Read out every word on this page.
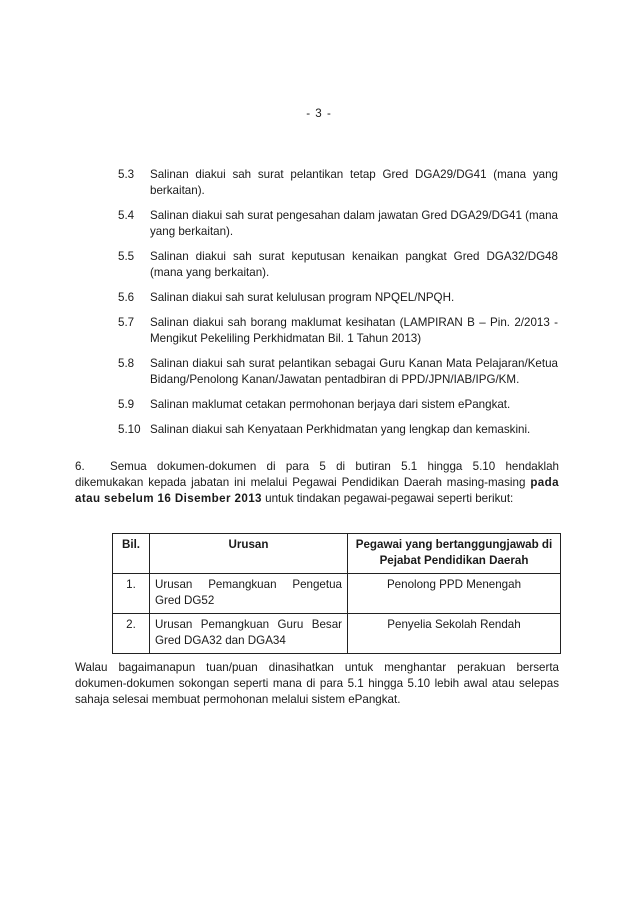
- 3 -
5.3	Salinan diakui sah surat pelantikan tetap Gred DGA29/DG41 (mana yang berkaitan).
5.4	Salinan diakui sah surat pengesahan dalam jawatan Gred DGA29/DG41 (mana yang berkaitan).
5.5	Salinan diakui sah surat keputusan kenaikan pangkat Gred DGA32/DG48 (mana yang berkaitan).
5.6	Salinan diakui sah surat kelulusan program NPQEL/NPQH.
5.7	Salinan diakui sah borang maklumat kesihatan (LAMPIRAN B – Pin. 2/2013 - Mengikut Pekeliling Perkhidmatan Bil. 1 Tahun 2013)
5.8	Salinan diakui sah surat pelantikan sebagai Guru Kanan Mata Pelajaran/Ketua Bidang/Penolong Kanan/Jawatan pentadbiran di PPD/JPN/IAB/IPG/KM.
5.9	Salinan maklumat cetakan permohonan berjaya dari sistem ePangkat.
5.10 Salinan diakui sah Kenyataan Perkhidmatan yang lengkap dan kemaskini.
6. Semua dokumen-dokumen di para 5 di butiran 5.1 hingga 5.10 hendaklah dikemukakan kepada jabatan ini melalui Pegawai Pendidikan Daerah masing-masing pada atau sebelum 16 Disember 2013 untuk tindakan pegawai-pegawai seperti berikut:
Bil.	Urusan	Pegawai yang bertanggungjawab di Pejabat Pendidikan Daerah
1.	Urusan Pemangkuan Pengetua Gred DG52	Penolong PPD Menengah
2.	Urusan Pemangkuan Guru Besar Gred DGA32 dan DGA34	Penyelia Sekolah Rendah
Walau bagaimanapun tuan/puan dinasihatkan untuk menghantar perakuan berserta dokumen-dokumen sokongan seperti mana di para 5.1 hingga 5.10 lebih awal atau selepas sahaja selesai membuat permohonan melalui sistem ePangkat.
